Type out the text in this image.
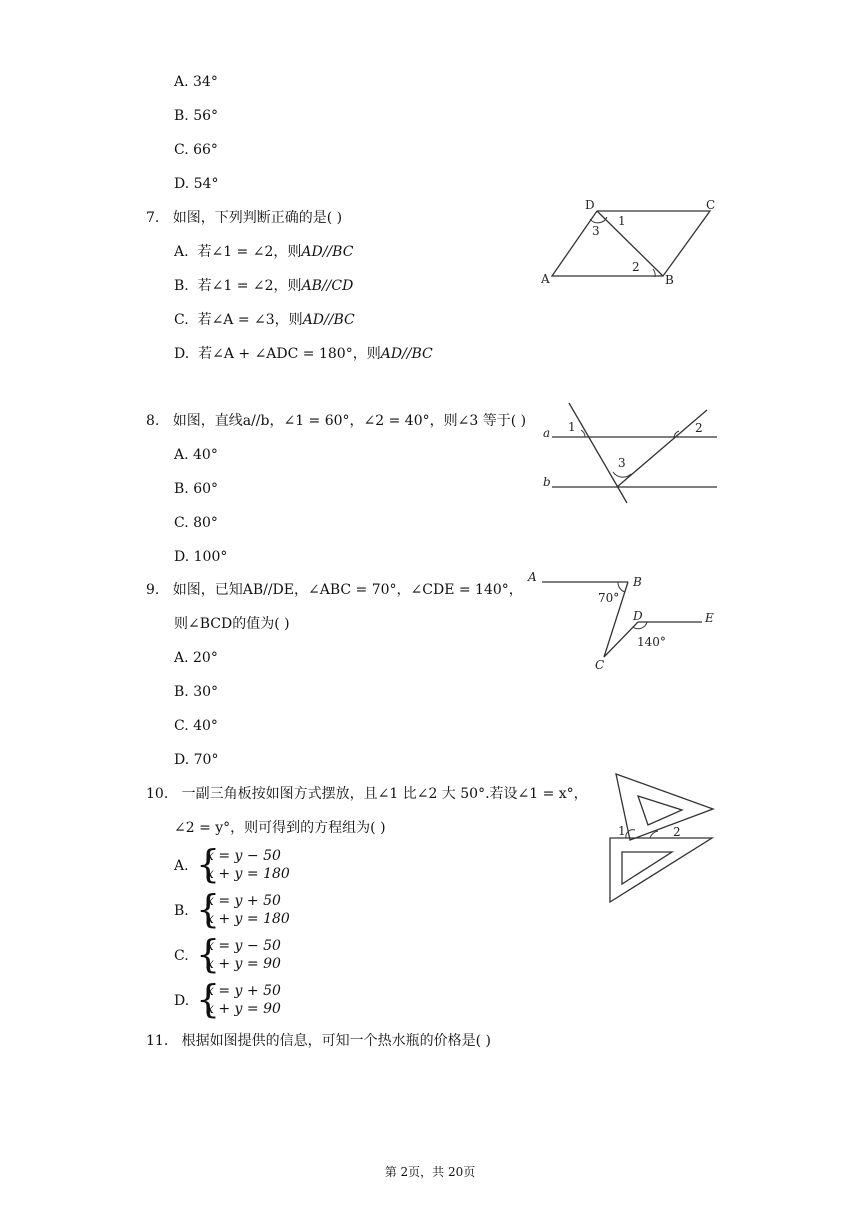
A. 34°
B. 56°
C. 66°
D. 54°
7. 如图，下列判断正确的是( )
A. 若∠1 = ∠2，则AD//BC
B. 若∠1 = ∠2，则AB//CD
C. 若∠A = ∠3，则AD//BC
D. 若∠A + ∠ADC = 180°，则AD//BC
D	C
A	B
1
2
3
8. 如图，直线a//b，∠1 = 60°，∠2 = 40°，则∠3 等于( )
A. 40°
B. 60°
C. 80°
D. 100°
a
b
1	2
3
9. 如图，已知AB//DE，∠ABC = 70°，∠CDE = 140°，
则∠BCD的值为( )
A. 20°
B. 30°
C. 40°
D. 70°
A	B
C
D	E
70°
140°
10. 一副三角板按如图方式摆放，且∠1 比∠2 大 50°.若设∠1 = x°，
∠2 = y°，则可得到的方程组为( )
A. {
x = y − 50
x + y = 180
B. {
x = y + 50
x + y = 180
C. {
x = y − 50
x + y = 90
D. {
x = y + 50
x + y = 90
1	2
11. 根据如图提供的信息，可知一个热水瓶的价格是( )
第 2页，共 20页
